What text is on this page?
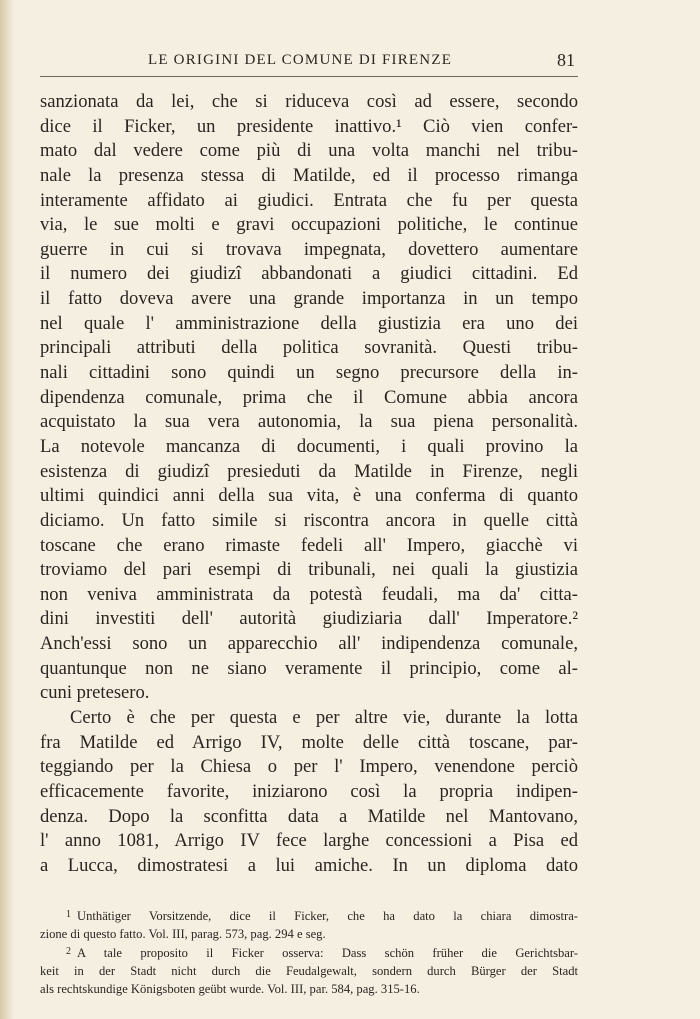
LE ORIGINI DEL COMUNE DI FIRENZE	81
sanzionata da lei, che si riduceva così ad essere, secondo
dice il Ficker, un presidente inattivo.¹ Ciò vien confer-
mato dal vedere come più di una volta manchi nel tribu-
nale la presenza stessa di Matilde, ed il processo rimanga
interamente affidato ai giudici. Entrata che fu per questa
via, le sue molti e gravi occupazioni politiche, le continue
guerre in cui si trovava impegnata, dovettero aumentare
il numero dei giudizî abbandonati a giudici cittadini. Ed
il fatto doveva avere una grande importanza in un tempo
nel quale l' amministrazione della giustizia era uno dei
principali attributi della politica sovranità. Questi tribu-
nali cittadini sono quindi un segno precursore della in-
dipendenza comunale, prima che il Comune abbia ancora
acquistato la sua vera autonomia, la sua piena personalità.
La notevole mancanza di documenti, i quali provino la
esistenza di giudizî presieduti da Matilde in Firenze, negli
ultimi quindici anni della sua vita, è una conferma di quanto
diciamo. Un fatto simile si riscontra ancora in quelle città
toscane che erano rimaste fedeli all' Impero, giacchè vi
troviamo del pari esempi di tribunali, nei quali la giustizia
non veniva amministrata da potestà feudali, ma da' citta-
dini investiti dell' autorità giudiziaria dall' Imperatore.²
Anch'essi sono un apparecchio all' indipendenza comunale,
quantunque non ne siano veramente il principio, come al-
cuni pretesero.
Certo è che per questa e per altre vie, durante la lotta
fra Matilde ed Arrigo IV, molte delle città toscane, par-
teggiando per la Chiesa o per l' Impero, venendone perciò
efficacemente favorite, iniziarono così la propria indipen-
denza. Dopo la sconfitta data a Matilde nel Mantovano,
l' anno 1081, Arrigo IV fece larghe concessioni a Pisa ed
a Lucca, dimostratesi a lui amiche. In un diploma dato
$^1$ Unthätiger Vorsitzende, dice il Ficker, che ha dato la chiara dimostra-
zione di questo fatto. Vol. III, parag. 573, pag. 294 e seg.
$^2$ A tale proposito il Ficker osserva: Dass schön früher die Gerichtsbar-
keit in der Stadt nicht durch die Feudalgewalt, sondern durch Bürger der Stadt
als rechtskundige Königsboten geübt wurde. Vol. III, par. 584, pag. 315-16.
